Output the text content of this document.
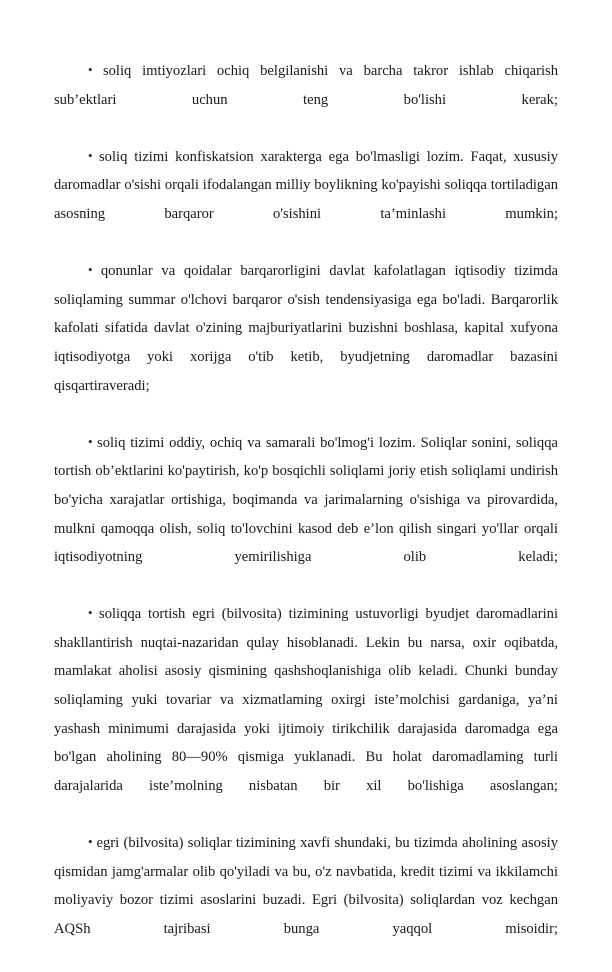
• soliq imtiyozlari ochiq belgilanishi va barcha takror ishlab chiqarish sub’ektlari uchun teng bo'lishi kerak;

• soliq tizimi konfiskatsion xarakterga ega bo'lmasligi lozim. Faqat, xususiy daromadlar o'sishi orqali ifodalangan milliy boylikning ko'payishi soliqqa tortiladigan asosning barqaror o'sishini ta’minlashi mumkin;

• qonunlar va qoidalar barqarorligini davlat kafolatlagan iqtisodiy tizimda soliqlaming summar o'lchovi barqaror o'sish tendensiyasiga ega bo'ladi. Barqarorlik kafolati sifatida davlat o'zining majburiyatlarini buzishni boshlasa, kapital xufyona iqtisodiyotga yoki xorijga o'tib ketib, byudjetning daromadlar bazasini qisqartiraveradi;

• soliq tizimi oddiy, ochiq va samarali bo'lmog'i lozim. Soliqlar sonini, soliqqa tortish ob’ektlarini ko'paytirish, ko'p bosqichli soliqlami joriy etish soliqlami undirish bo'yicha xarajatlar ortishiga, boqimanda va jarimalarning o'sishiga va pirovardida, mulkni qamoqqa olish, soliq to'lovchini kasod deb e’lon qilish singari yo'llar orqali iqtisodiyotning yemirilishiga olib keladi;

• soliqqa tortish egri (bilvosita) tizimining ustuvorligi byudjet daromadlarini shakllantirish nuqtai-nazaridan qulay hisoblanadi. Lekin bu narsa, oxir oqibatda, mamlakat aholisi asosiy qismining qashshoqlanishiga olib keladi. Chunki bunday soliqlaming yuki tovariar va xizmatlaming oxirgi iste’molchisi gardaniga, ya’ni yashash minimumi darajasida yoki ijtimoiy tirikchilik darajasida daromadga ega bo'lgan aholining 80—90% qismiga yuklanadi. Bu holat daromadlaming turli darajalarida iste’molning nisbatan bir xil bo'lishiga asoslangan;

• egri (bilvosita) soliqlar tizimining xavfi shundaki, bu tizimda aholining asosiy qismidan jamg'armalar olib qo'yiladi va bu, o'z navbatida, kredit tizimi va ikkilamchi moliyaviy bozor tizimi asoslarini buzadi. Egri (bilvosita) soliqlardan voz kechgan AQSh tajribasi bunga yaqqol misoidir;
